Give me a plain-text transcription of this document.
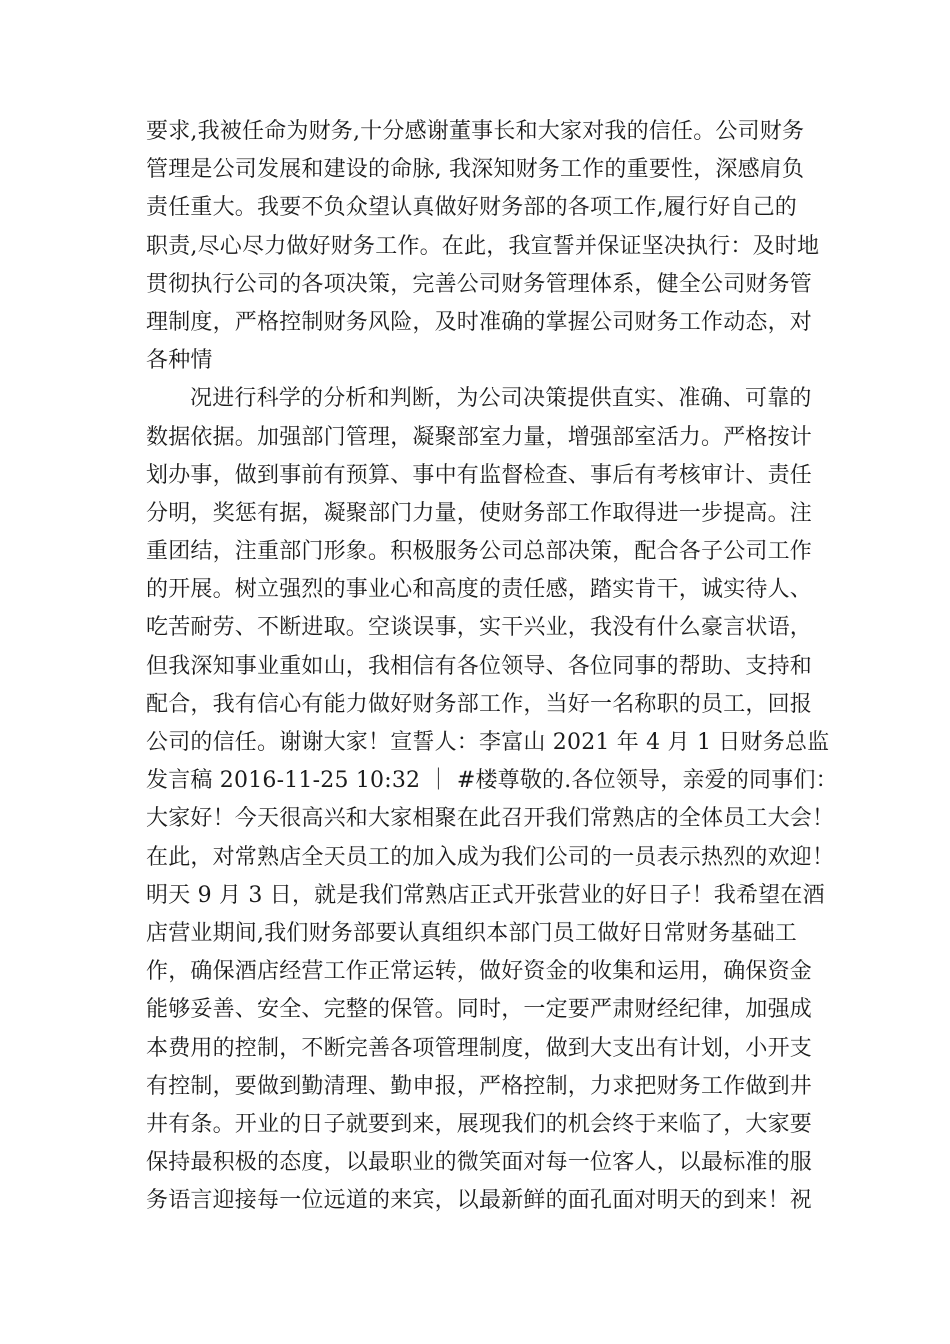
要求,我被任命为财务,十分感谢董事长和大家对我的信任。公司财务
管理是公司发展和建设的命脉, 我深知财务工作的重要性，深感肩负
责任重大。我要不负众望认真做好财务部的各项工作,履行好自己的
职责,尽心尽力做好财务工作。在此，我宣誓并保证坚决执行：及时地
贯彻执行公司的各项决策，完善公司财务管理体系，健全公司财务管
理制度，严格控制财务风险，及时准确的掌握公司财务工作动态，对
各种情
况进行科学的分析和判断，为公司决策提供直实、准确、可靠的
数据依据。加强部门管理，凝聚部室力量，增强部室活力。严格按计
划办事，做到事前有预算、事中有监督检查、事后有考核审计、责任
分明，奖惩有据，凝聚部门力量，使财务部工作取得进一步提高。注
重团结，注重部门形象。积极服务公司总部决策，配合各子公司工作
的开展。树立强烈的事业心和高度的责任感，踏实肯干，诚实待人、
吃苦耐劳、不断进取。空谈误事，实干兴业，我没有什么豪言状语，
但我深知事业重如山，我相信有各位领导、各位同事的帮助、支持和
配合，我有信心有能力做好财务部工作，当好一名称职的员工，回报
公司的信任。谢谢大家！宣誓人：李富山 2021 年 4 月 1 日财务总监
发言稿 2016-11-25 10:32 ｜ #楼尊敬的.各位领导，亲爱的同事们：
大家好！今天很高兴和大家相聚在此召开我们常熟店的全体员工大会！
在此，对常熟店全天员工的加入成为我们公司的一员表示热烈的欢迎！
明天 9 月 3 日，就是我们常熟店正式开张营业的好日子！我希望在酒
店营业期间,我们财务部要认真组织本部门员工做好日常财务基础工
作，确保酒店经营工作正常运转，做好资金的收集和运用，确保资金
能够妥善、安全、完整的保管。同时，一定要严肃财经纪律，加强成
本费用的控制，不断完善各项管理制度，做到大支出有计划，小开支
有控制，要做到勤清理、勤申报，严格控制，力求把财务工作做到井
井有条。开业的日子就要到来，展现我们的机会终于来临了，大家要
保持最积极的态度，以最职业的微笑面对每一位客人，以最标准的服
务语言迎接每一位远道的来宾，以最新鲜的面孔面对明天的到来！祝
